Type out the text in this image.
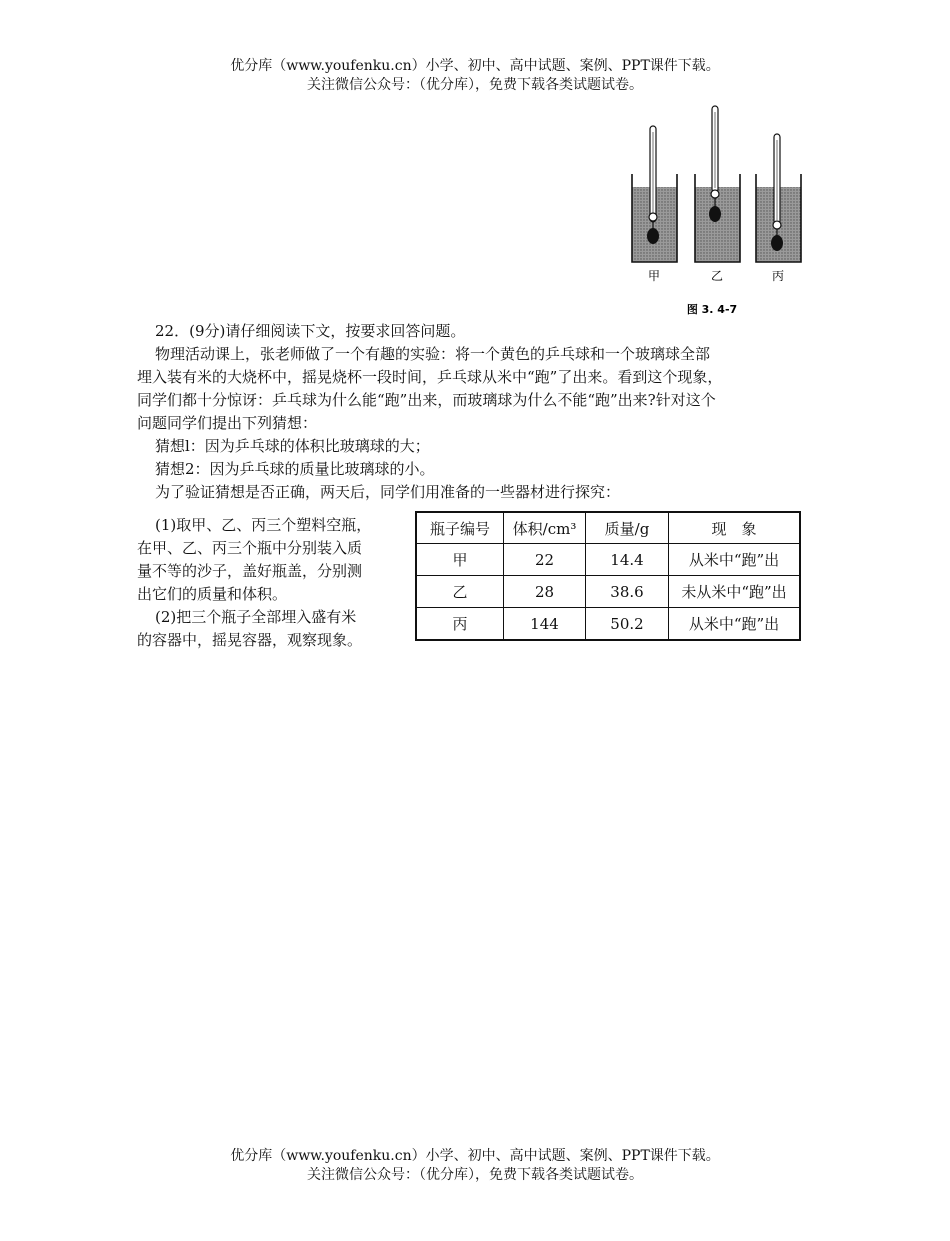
优分库（www.youfenku.cn）小学、初中、高中试题、案例、PPT课件下载。
关注微信公众号：（优分库），免费下载各类试题试卷。
甲	乙	丙
图 3. 4-7
22．(9分)请仔细阅读下文，按要求回答问题。
物理活动课上，张老师做了一个有趣的实验：将一个黄色的乒乓球和一个玻璃球全部
埋入装有米的大烧杯中，摇晃烧杯一段时间，乒乓球从米中“跑”了出来。看到这个现象，
同学们都十分惊讶：乒乓球为什么能“跑”出来，而玻璃球为什么不能“跑”出来?针对这个
问题同学们提出下列猜想：
猜想l：因为乒乓球的体积比玻璃球的大；
猜想2：因为乒乓球的质量比玻璃球的小。
为了验证猜想是否正确，两天后，同学们用准备的一些器材进行探究：
(1)取甲、乙、丙三个塑料空瓶，
在甲、乙、丙三个瓶中分别装入质
量不等的沙子，盖好瓶盖，分别测
出它们的质量和体积。
(2)把三个瓶子全部埋入盛有米
的容器中，摇晃容器，观察现象。
瓶子编号	体积/cm³	质量/g	现　象
甲	22	14.4	从米中“跑”出
乙	28	38.6	未从米中“跑”出
丙	144	50.2	从米中“跑”出
优分库（www.youfenku.cn）小学、初中、高中试题、案例、PPT课件下载。
关注微信公众号：（优分库），免费下载各类试题试卷。
